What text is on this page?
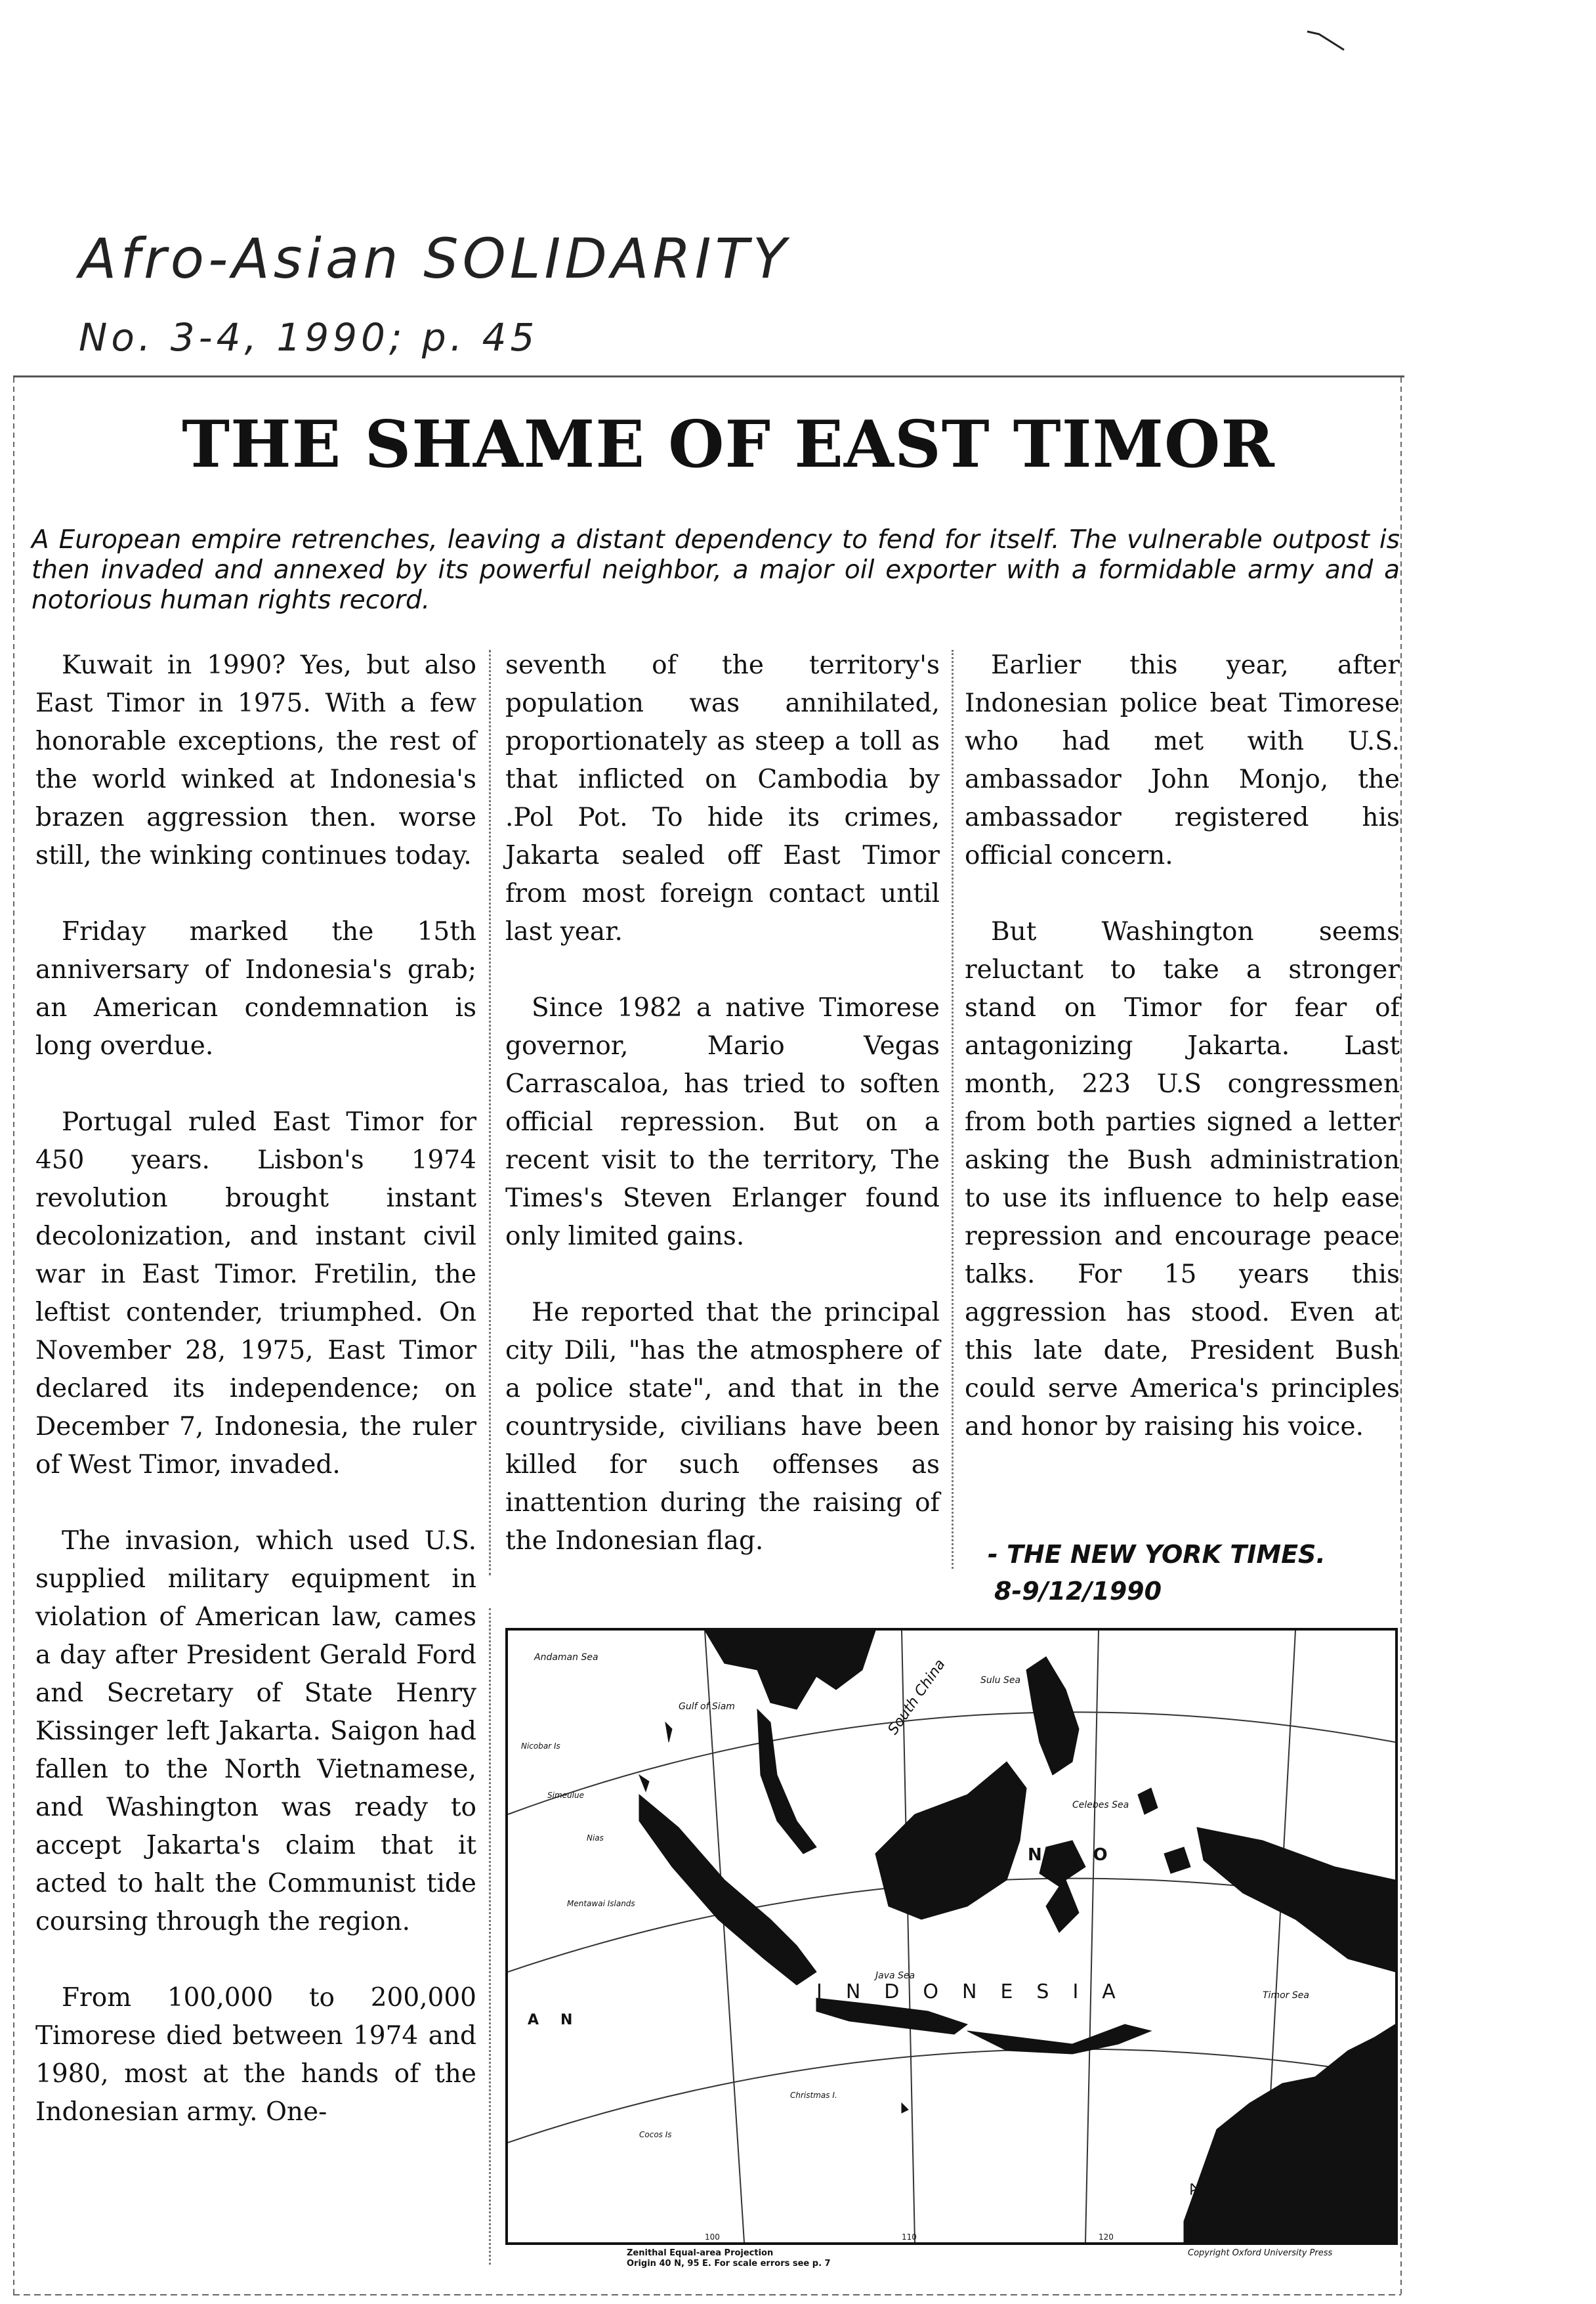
Afro-Asian SOLIDARITY
No. 3-4, 1990; p. 45
THE SHAME OF EAST TIMOR

A European empire retrenches, leaving a distant dependency to fend for itself. The vulnerable outpost is then invaded and annexed by its powerful neighbor, a major oil exporter with a formidable army and a notorious human rights record.

Kuwait in 1990? Yes, but also East Timor in 1975. With a few honorable exceptions, the rest of the world winked at Indonesia's brazen aggression then. worse still, the winking continues today.

Friday marked the 15th anniversary of Indonesia's grab; an American condemnation is long overdue.

Portugal ruled East Timor for 450 years. Lisbon's 1974 revolution brought instant decolonization, and instant civil war in East Timor. Fretilin, the leftist contender, triumphed. On November 28, 1975, East Timor declared its independence; on December 7, Indonesia, the ruler of West Timor, invaded.

The invasion, which used U.S. supplied military equipment in violation of American law, cames a day after President Gerald Ford and Secretary of State Henry Kissinger left Jakarta. Saigon had fallen to the North Vietnamese, and Washington was ready to accept Jakarta's claim that it acted to halt the Communist tide coursing through the region.

From 100,000 to 200,000 Timorese died between 1974 and 1980, most at the hands of the Indonesian army. One-

seventh of the territory's population was annihilated, proportionately as steep a toll as that inflicted on Cambodia by .Pol Pot. To hide its crimes, Jakarta sealed off East Timor from most foreign contact until last year.

Since 1982 a native Timorese governor, Mario Vegas Carrascaloa, has tried to soften official repression. But on a recent visit to the territory, The Times's Steven Erlanger found only limited gains.

He reported that the principal city Dili, "has the atmosphere of a police state", and that in the countryside, civilians have been killed for such offenses as inattention during the raising of the Indonesian flag.

Earlier this year, after Indonesian police beat Timorese who had met with U.S. ambassador John Monjo, the ambassador registered his official concern.

But Washington seems reluctant to take a stronger stand on Timor for fear of antagonizing Jakarta. Last month, 223 U.S congressmen from both parties signed a letter asking the Bush administration to use its influence to help ease repression and encourage peace talks. For 15 years this aggression has stood. Even at this late date, President Bush could serve America's principles and honor by raising his voice.

- THE NEW YORK TIMES.
8-9/12/1990
Andaman Sea
Gulf of Siam	South China	Sulu Sea
Celebes Sea
Java Sea
BORNEO
INDONESIA	Timor Sea
AUSTRALIA
A N
Christmas I.
Cocos Is
Mentawai Islands
Nias
Simeulue
Nicobar Is
10°
0°
100	110	120	130
Zenithal Equal-area Projection
Origin 40 N, 95 E. For scale errors see p. 7
Copyright Oxford University Press
